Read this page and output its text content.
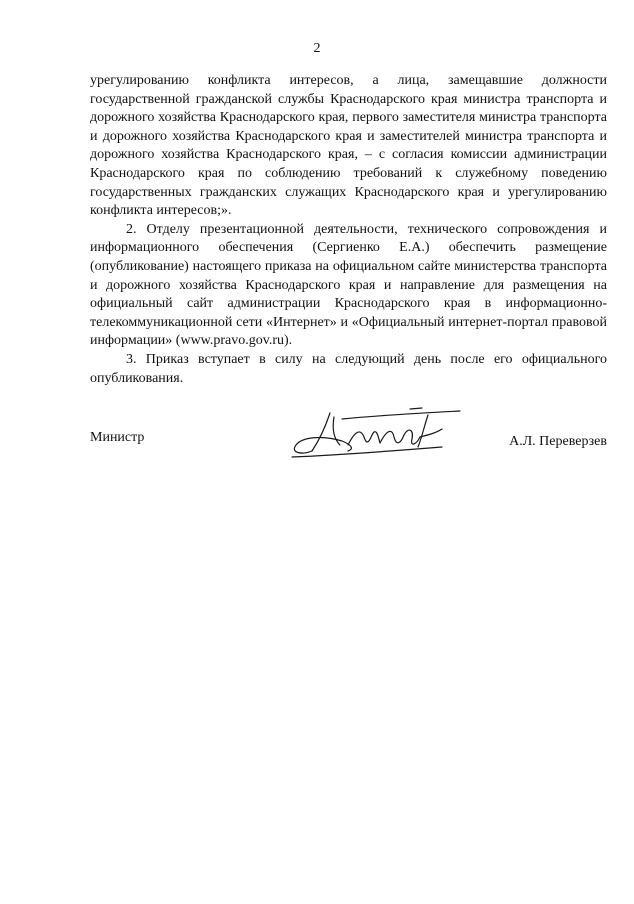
2

урегулированию конфликта интересов, а лица, замещавшие должности государственной гражданской службы Краснодарского края министра транспорта и дорожного хозяйства Краснодарского края, первого заместителя министра транспорта и дорожного хозяйства Краснодарского края и заместителей министра транспорта и дорожного хозяйства Краснодарского края, – с согласия комиссии администрации Краснодарского края по соблюдению требований к служебному поведению государственных гражданских служащих Краснодарского края и урегулированию конфликта интересов;».

2. Отделу презентационной деятельности, технического сопровождения и информационного обеспечения (Сергиенко Е.А.) обеспечить размещение (опубликование) настоящего приказа на официальном сайте министерства транспорта и дорожного хозяйства Краснодарского края и направление для размещения на официальный сайт администрации Краснодарского края в информационно-телекоммуникационной сети «Интернет» и «Официальный интернет-портал правовой информации» (www.pravo.gov.ru).

3. Приказ вступает в силу на следующий день после его официального опубликования.

Министр	А.Л. Переверзев
